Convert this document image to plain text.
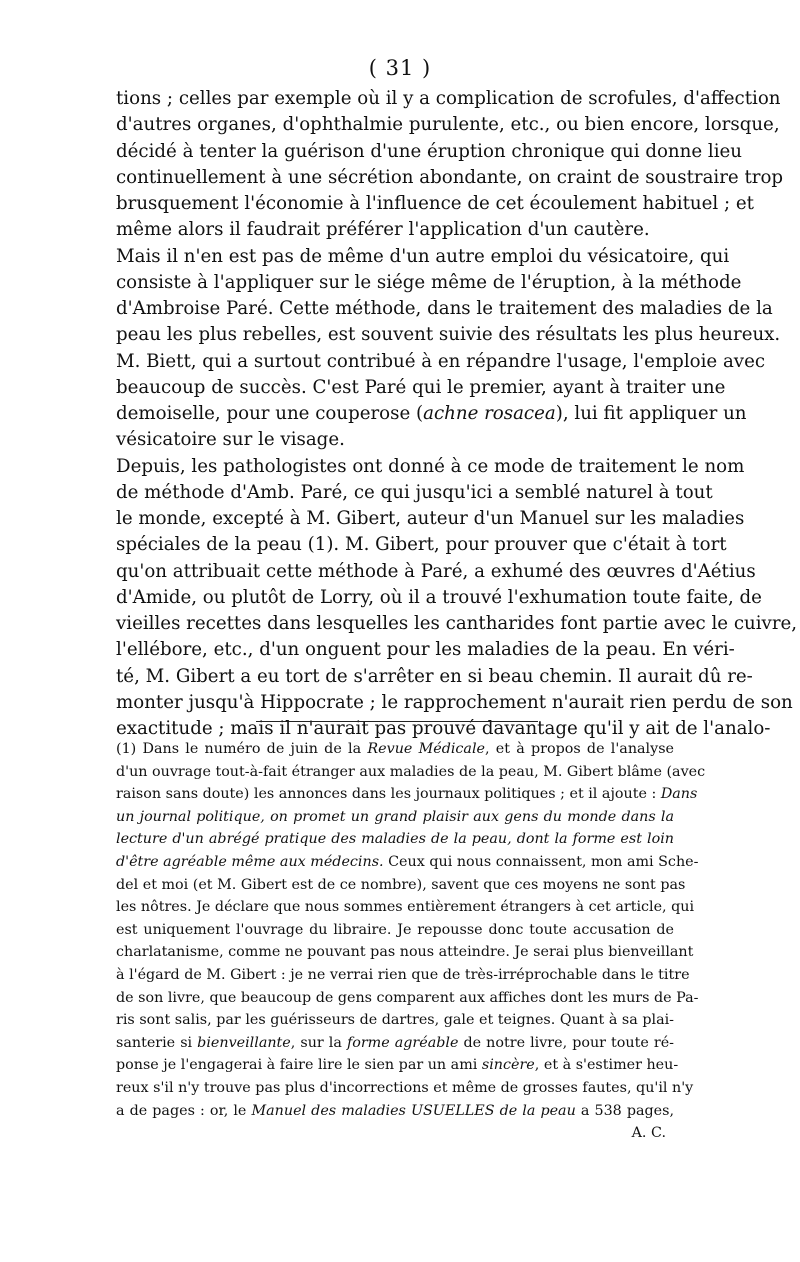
( 31 )
tions ; celles par exemple où il y a complication de scrofules, d'affection
d'autres organes, d'ophthalmie purulente, etc., ou bien encore, lorsque,
décidé à tenter la guérison d'une éruption chronique qui donne lieu
continuellement à une sécrétion abondante, on craint de soustraire trop
brusquement l'économie à l'influence de cet écoulement habituel ; et
même alors il faudrait préférer l'application d'un cautère.
Mais il n'en est pas de même d'un autre emploi du vésicatoire, qui
consiste à l'appliquer sur le siége même de l'éruption, à la méthode
d'Ambroise Paré. Cette méthode, dans le traitement des maladies de la
peau les plus rebelles, est souvent suivie des résultats les plus heureux.
M. Biett, qui a surtout contribué à en répandre l'usage, l'emploie avec
beaucoup de succès. C'est Paré qui le premier, ayant à traiter une
demoiselle, pour une couperose (achne rosacea), lui fit appliquer un
vésicatoire sur le visage.
Depuis, les pathologistes ont donné à ce mode de traitement le nom
de méthode d'Amb. Paré, ce qui jusqu'ici a semblé naturel à tout
le monde, excepté à M. Gibert, auteur d'un Manuel sur les maladies
spéciales de la peau (1). M. Gibert, pour prouver que c'était à tort
qu'on attribuait cette méthode à Paré, a exhumé des œuvres d'Aétius
d'Amide, ou plutôt de Lorry, où il a trouvé l'exhumation toute faite, de
vieilles recettes dans lesquelles les cantharides font partie avec le cuivre,
l'ellébore, etc., d'un onguent pour les maladies de la peau. En véri-
té, M. Gibert a eu tort de s'arrêter en si beau chemin. Il aurait dû re-
monter jusqu'à Hippocrate ; le rapprochement n'aurait rien perdu de son
exactitude ; mais il n'aurait pas prouvé davantage qu'il y ait de l'analo-
(1) Dans le numéro de juin de la Revue Médicale, et à propos de l'analyse
d'un ouvrage tout-à-fait étranger aux maladies de la peau, M. Gibert blâme (avec
raison sans doute) les annonces dans les journaux politiques ; et il ajoute : Dans
un journal politique, on promet un grand plaisir aux gens du monde dans la
lecture d'un abrégé pratique des maladies de la peau, dont la forme est loin
d'être agréable même aux médecins. Ceux qui nous connaissent, mon ami Sche-
del et moi (et M. Gibert est de ce nombre), savent que ces moyens ne sont pas
les nôtres. Je déclare que nous sommes entièrement étrangers à cet article, qui
est uniquement l'ouvrage du libraire. Je repousse donc toute accusation de
charlatanisme, comme ne pouvant pas nous atteindre. Je serai plus bienveillant
à l'égard de M. Gibert : je ne verrai rien que de très-irréprochable dans le titre
de son livre, que beaucoup de gens comparent aux affiches dont les murs de Pa-
ris sont salis, par les guérisseurs de dartres, gale et teignes. Quant à sa plai-
santerie si bienveillante, sur la forme agréable de notre livre, pour toute ré-
ponse je l'engagerai à faire lire le sien par un ami sincère, et à s'estimer heu-
reux s'il n'y trouve pas plus d'incorrections et même de grosses fautes, qu'il n'y
a de pages : or, le Manuel des maladies USUELLES de la peau a 538 pages,
A. C.
